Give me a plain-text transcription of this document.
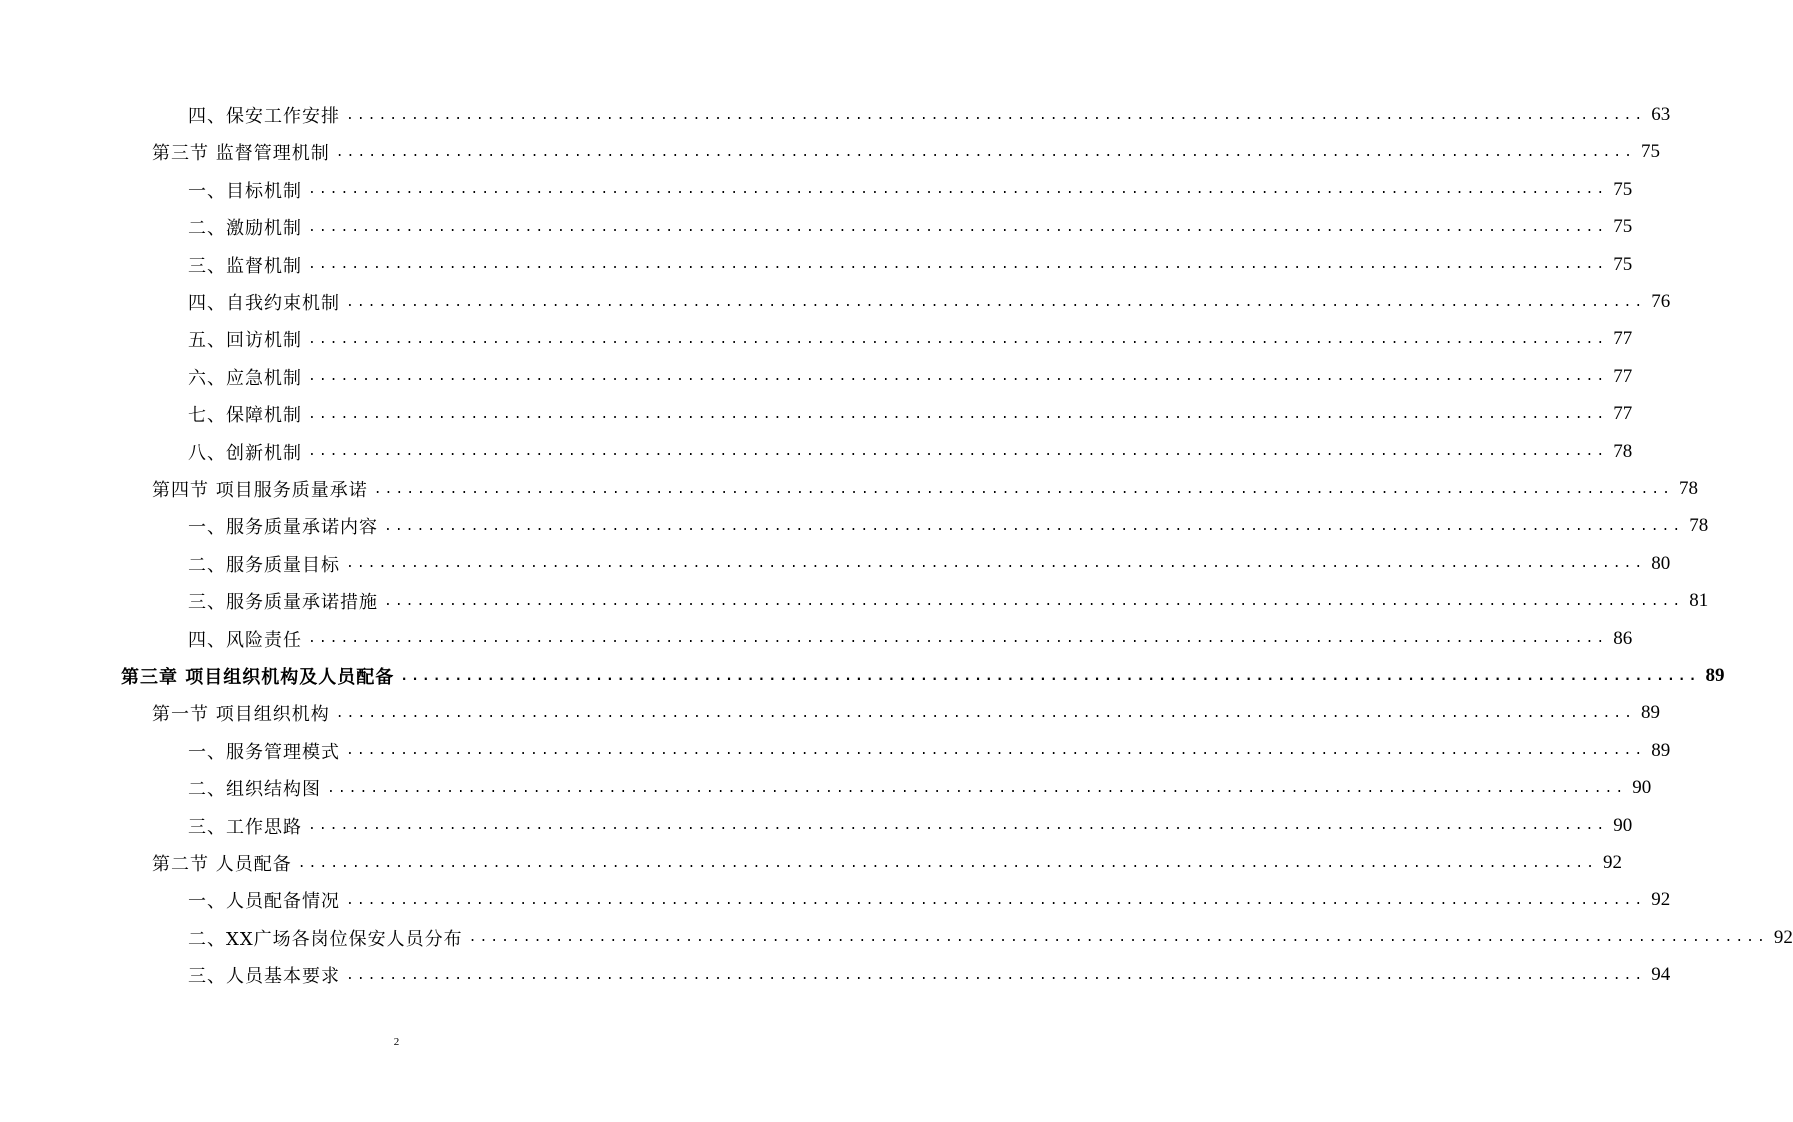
四、保安工作安排 ........................................................................................................................ 63
第三节 监督管理机制 ........................................................................................................................ 75
一、目标机制 ........................................................................................................................ 75
二、激励机制 ........................................................................................................................ 75
三、监督机制 ........................................................................................................................ 75
四、自我约束机制 ........................................................................................................................ 76
五、回访机制 ........................................................................................................................ 77
六、应急机制 ........................................................................................................................ 77
七、保障机制 ........................................................................................................................ 77
八、创新机制 ........................................................................................................................ 78
第四节 项目服务质量承诺 ........................................................................................................................ 78
一、服务质量承诺内容 ........................................................................................................................ 78
二、服务质量目标 ........................................................................................................................ 80
三、服务质量承诺措施 ........................................................................................................................ 81
四、风险责任 ........................................................................................................................ 86
第三章 项目组织机构及人员配备 ........................................................................................................................ 89
第一节 项目组织机构 ........................................................................................................................ 89
一、服务管理模式 ........................................................................................................................ 89
二、组织结构图 ........................................................................................................................ 90
三、工作思路 ........................................................................................................................ 90
第二节 人员配备 ........................................................................................................................ 92
一、人员配备情况 ........................................................................................................................ 92
二、XX广场各岗位保安人员分布 ........................................................................................................................ 92
三、人员基本要求 ........................................................................................................................ 94
2
